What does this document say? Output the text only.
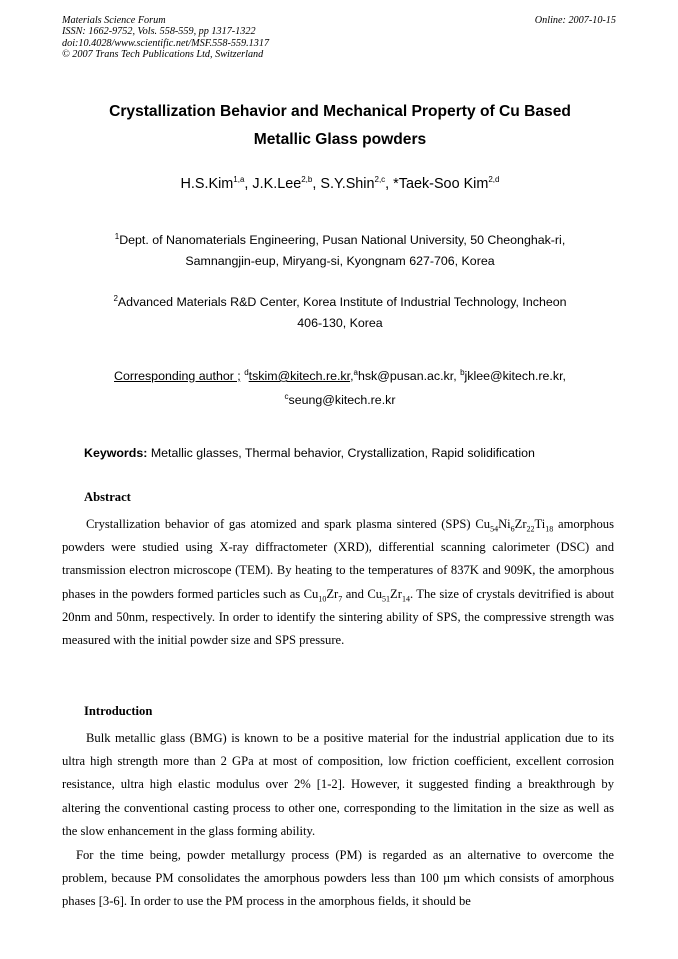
Materials Science Forum
ISSN: 1662-9752, Vols. 558-559, pp 1317-1322
doi:10.4028/www.scientific.net/MSF.558-559.1317
© 2007 Trans Tech Publications Ltd, Switzerland
Online: 2007-10-15
Crystallization Behavior and Mechanical Property of Cu Based
Metallic Glass powders
H.S.Kim$^{1,a}$, J.K.Lee$^{2,b}$, S.Y.Shin$^{2,c}$, *Taek-Soo Kim$^{2,d}$
$^1$Dept. of Nanomaterials Engineering, Pusan National University, 50 Cheonghak-ri,
Samnangjin-eup, Miryang-si, Kyongnam 627-706, Korea
$^2$Advanced Materials R&D Center, Korea Institute of Industrial Technology, Incheon
406-130, Korea
Corresponding author ; $^d$tskim@kitech.re.kr,$^a$hsk@pusan.ac.kr, $^b$jklee@kitech.re.kr,
$^c$seung@kitech.re.kr
Keywords: Metallic glasses, Thermal behavior, Crystallization, Rapid solidification
Abstract
Crystallization behavior of gas atomized and spark plasma sintered (SPS) $Cu_{54}Ni_6Zr_{22}Ti_{18}$ amorphous powders were studied using X-ray diffractometer (XRD), differential scanning calorimeter (DSC) and transmission electron microscope (TEM). By heating to the temperatures of 837K and 909K, the amorphous phases in the powders formed particles such as $Cu_{10}Zr_7$ and $Cu_{51}Zr_{14}$. The size of crystals devitrified is about 20nm and 50nm, respectively. In order to identify the sintering ability of SPS, the compressive strength was measured with the initial powder size and SPS pressure.
Introduction
Bulk metallic glass (BMG) is known to be a positive material for the industrial application due to its ultra high strength more than 2 GPa at most of composition, low friction coefficient, excellent corrosion resistance, ultra high elastic modulus over 2% [1-2]. However, it suggested finding a breakthrough by altering the conventional casting process to other one, corresponding to the limitation in the size as well as the slow enhancement in the glass forming ability.
For the time being, powder metallurgy process (PM) is regarded as an alternative to overcome the problem, because PM consolidates the amorphous powders less than 100 µm which consists of amorphous phases [3-6]. In order to use the PM process in the amorphous fields, it should be
